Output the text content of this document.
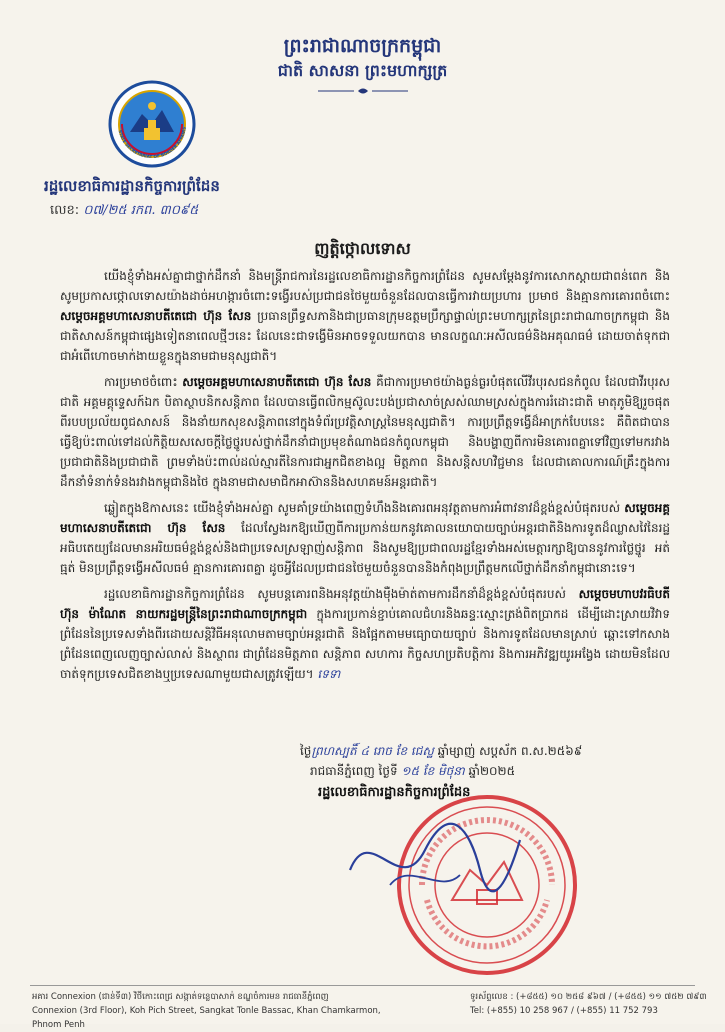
ព្រះរាជាណាចក្រកម្ពុជា
ជាតិ សាសនា ព្រះមហាក្សត្រ
STATE SECRETARIAT OF BORDER AFFAIRS
រដ្ឋលេខាធិការដ្ឋានកិច្ចការព្រំដែន
លេខ: ០៧/២៥ រកព. ៣០៩៥
ញត្តិថ្កោលទោស

យើងខ្ញុំទាំងអស់គ្នាជាថ្នាក់ដឹកនាំ និងមន្ត្រីរាជការនៃរដ្ឋលេខាធិការដ្ឋានកិច្ចការព្រំដែន សូមសម្តែងនូវការសោកស្តាយជាពន់ពេក និងសូមប្រកាសថ្កោលទោសយ៉ាងដាច់អហង្ការចំពោះទង្វើរបស់ប្រជាជនថៃមួយចំនួនដែលបានធ្វើការវាយប្រហារ ប្រមាថ និងគ្មានការគោរពចំពោះសម្តេចអគ្គមហាសេនាបតីតេជោ ហ៊ុន សែន ប្រធានព្រឹទ្ធសភានិងជាប្រធានក្រុមឧត្តមប្រឹក្សាផ្ទាល់ព្រះមហាក្សត្រនៃព្រះរាជាណាចក្រកម្ពុជា និងជាតិសាសន៍កម្ពុជាផ្សេងទៀតនាពេលថ្មីៗនេះ ដែលនេះជាទង្វើមិនអាចទទួលយកបាន មានលក្ខណៈអសីលធម៌និងអគុណធម៌ ដោយចាត់ទុកជាជាអំពើហោចមាក់ងាយខ្លួនក្នុងនាមជាមនុស្សជាតិ។

ការប្រមាថចំពោះ សម្តេចអគ្គមហាសេនាបតីតេជោ ហ៊ុន សែន គឺជាការប្រមាថយ៉ាងធ្ងន់ធ្ងរបំផុតលើវីរបុរសជនកំពូល ដែលជាវីរបុរសជាតិ អគ្គមគ្គុទ្ទេសក៍ឯក បិតាស្ថាបនិកសន្តិភាព ដែលបានធ្វើពលិកម្មស៊ូលះបង់ប្រជាសាច់ស្រស់ឈាមស្រស់ក្នុងការរំដោះជាតិ មាតុភូមិឱ្យរួចផុតពីរបបប្រល័យពូជសាសន៍ និងនាំយកសុខសន្តិភាពនៅក្នុងទំព័រប្រវត្តិសាស្ត្រនៃមនុស្សជាតិ។ ការប្រព្រឹត្តទង្វើដ៏អាក្រក់បែបនេះ គឺពិតជាបានធ្វើឱ្យប៉ះពាល់ទៅដល់កិត្តិយសសេចក្តីថ្លៃថ្នូរបស់ថ្នាក់ដឹកនាំជាប្រមុខតំណាងជនកំពូលកម្ពុជា និងបង្ហាញពីការមិនគោរពគ្នាទៅវិញទៅមករវាងប្រជាជាតិនិងប្រជាជាតិ ព្រមទាំងប៉ះពាល់ដល់ស្មារតីនៃការជាអ្នកជិតខាងល្អ មិត្តភាព និងសន្តិសហវិជ្ជមាន ដែលជាគោលការណ៍គ្រឹះក្នុងការដឹកនាំទំនាក់ទំនងរវាងកម្ពុជានិងថៃ ក្នុងនាមជាសមាជិកអាស៊ាននិងសហគមន៍អន្តរជាតិ។

ឆ្លៀតក្នុងឱកាសនេះ យើងខ្ញុំទាំងអស់គ្នា សូមគាំទ្រយ៉ាងពេញទំហឹងនិងគោរពអនុវត្តតាមការអំពាវនាវដ៏ខ្ពង់ខ្ពស់បំផុតរបស់ សម្តេចអគ្គមហាសេនាបតីតេជោ ហ៊ុន សែន ដែលស្វែងរកឱ្យឃើញពីការប្រកាន់យកនូវគោលនយោបាយច្បាប់អន្តរជាតិនិងការទូតដ៏ឈ្លាសវៃនៃរដ្ឋអធិបតេយ្យដែលមានអរិយធម៌ខ្ពង់ខ្ពស់និងជាប្រទេសស្រឡាញ់សន្តិភាព និងសូមឱ្យប្រជាពលរដ្ឋខ្មែរទាំងអស់មេត្តារក្សាឱ្យបាននូវការថ្លៃថ្នូរ អត់ធ្មត់ មិនប្រព្រឹត្តទង្វើអសីលធម៌ គ្មានការគោរពគ្នា ដូចអ្វីដែលប្រជាជនថៃមួយចំនួនបាននិងកំពុងប្រព្រឹត្តមកលើថ្នាក់ដឹកនាំកម្ពុជានោះទេ។

រដ្ឋលេខាធិការដ្ឋានកិច្ចការព្រំដែន សូមបន្តគោរពនិងអនុវត្តយ៉ាងម៉ឺងម៉ាត់តាមការដឹកនាំដ៏ខ្ពង់ខ្ពស់បំផុតរបស់ សម្តេចមហាបវរធិបតី ហ៊ុន ម៉ាណែត នាយករដ្ឋមន្ត្រីនៃព្រះរាជាណាចក្រកម្ពុជា ក្នុងការប្រកាន់ខ្ជាប់គោលជំហរនិងឆន្ទៈស្មោះត្រង់ពិតប្រាកដ ដើម្បីដោះស្រាយវិវាទព្រំដែននៃប្រទេសទាំងពីរដោយសន្តិវិធីអនុលោមតាមច្បាប់អន្តរជាតិ និងផ្អែកតាមមធ្យោបាយច្បាប់ និងការទូតដែលមានស្រាប់ ឆ្ពោះទៅកសាងព្រំដែនពេញលេញច្បាស់លាស់ និងស្ថាពរ ជាព្រំដែនមិត្តភាព សន្តិភាព សហការ កិច្ចសហប្រតិបត្តិការ និងការអភិវឌ្ឍយូរអង្វែង ដោយមិនដែលចាត់ទុកប្រទេសជិតខាងឬប្រទេសណាមួយជាសត្រូវឡើយ។ ទេទា

ថ្ងៃព្រហស្បតិ៍ ៤ រោច ខែ ជេស្ឋ ឆ្នាំម្សាញ់ សប្តស័ក ព.ស.២៥៦៩
រាជធានីភ្នំពេញ ថ្ងៃទី ១៥ ខែ មិថុនា ឆ្នាំ២០២៥
រដ្ឋលេខាធិការដ្ឋានកិច្ចការព្រំដែន
អគារ Connexion (ជាន់ទី៣) វិថីកោះពេជ្រ សង្កាត់ទន្លេបាសាក់ ខណ្ឌចំការមន រាជធានីភ្នំពេញ
Connexion (3rd Floor), Koh Pich Street, Sangkat Tonle Bassac, Khan Chamkarmon, Phnom Penh
ទូរស័ព្ទលេខ : (+៨៥៥) ១០ ២៥៨ ៩៦៧ / (+៨៥៥) ១១ ៧៥២ ៧៩៣
Tel: (+855) 10 258 967 / (+855) 11 752 793
